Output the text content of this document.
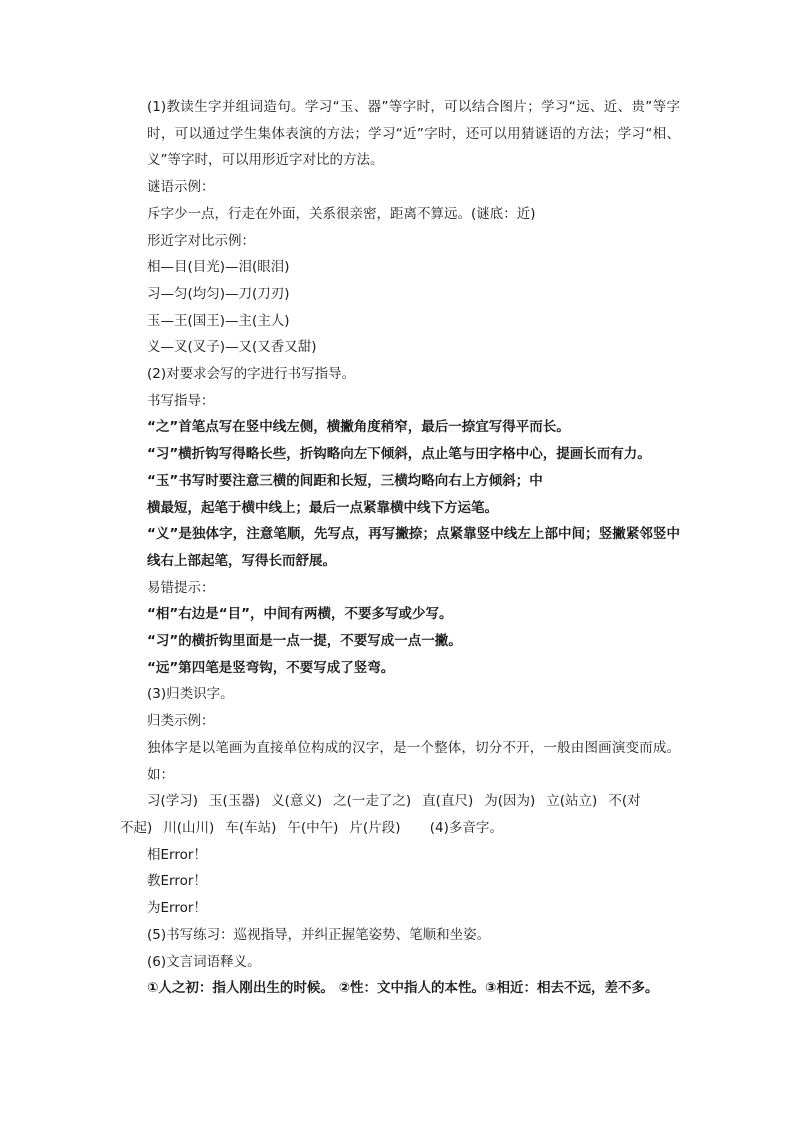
(1)教读生字并组词造句。学习“玉、器”等字时，可以结合图片；学习“远、近、贵”等字时，可以通过学生集体表演的方法；学习“近”字时，还可以用猜谜语的方法；学习“相、义”等字时，可以用形近字对比的方法。

谜语示例：

斥字少一点，行走在外面，关系很亲密，距离不算远。(谜底：近)

形近字对比示例：

相—目(目光)—泪(眼泪)

习—匀(均匀)—刀(刀刃)

玉—王(国王)—主(主人)

义—叉(叉子)—又(又香又甜)

(2)对要求会写的字进行书写指导。

书写指导：

“之”首笔点写在竖中线左侧，横撇角度稍窄，最后一捺宜写得平而长。

“习”横折钩写得略长些，折钩略向左下倾斜，点止笔与田字格中心，提画长而有力。

“玉”书写时要注意三横的间距和长短，三横均略向右上方倾斜；中

横最短，起笔于横中线上；最后一点紧靠横中线下方运笔。

“义”是独体字，注意笔顺，先写点，再写撇捺；点紧靠竖中线左上部中间；竖撇紧邻竖中线右上部起笔，写得长而舒展。

易错提示：

“相”右边是“目”，中间有两横，不要多写或少写。

“习”的横折钩里面是一点一提，不要写成一点一撇。

“远”第四笔是竖弯钩，不要写成了竖弯。

(3)归类识字。

归类示例：

独体字是以笔画为直接单位构成的汉字，是一个整体，切分不开，一般由图画演变而成。如：

习(学习) 玉(玉器) 义(意义) 之(一走了之) 直(直尺) 为(因为) 立(站立) 不(对

不起) 川(山川) 车(车站) 午(中午) 片(片段) (4)多音字。

相Error！

教Error！

为Error！

(5)书写练习：巡视指导，并纠正握笔姿势、笔顺和坐姿。

(6)文言词语释义。

①人之初：指人刚出生的时候。 ②性：文中指人的本性。③相近：相去不远，差不多。
